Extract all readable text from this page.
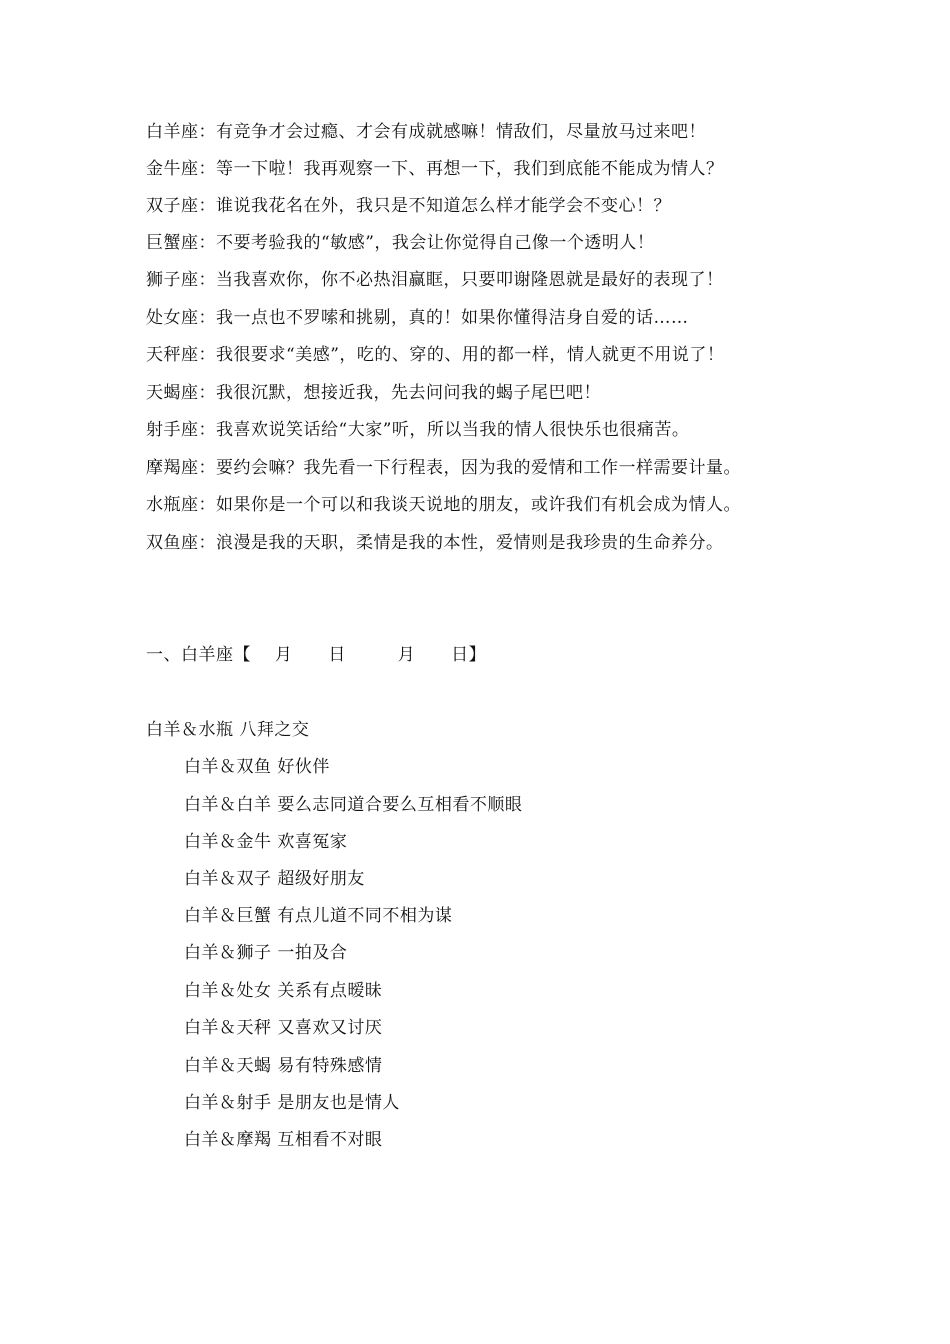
白羊座：有竞争才会过瘾、才会有成就感嘛！情敌们，尽量放马过来吧！
金牛座：等一下啦！我再观察一下、再想一下，我们到底能不能成为情人？
双子座：谁说我花名在外，我只是不知道怎么样才能学会不变心！？
巨蟹座：不要考验我的“敏感”，我会让你觉得自己像一个透明人！
狮子座：当我喜欢你，你不必热泪赢眶，只要叩谢隆恩就是最好的表现了！
处女座：我一点也不罗嗦和挑剔，真的！如果你懂得洁身自爱的话……
天秤座：我很要求“美感”，吃的、穿的、用的都一样，情人就更不用说了！
天蝎座：我很沉默，想接近我，先去问问我的蝎子尾巴吧！
射手座：我喜欢说笑话给“大家”听，所以当我的情人很快乐也很痛苦。
摩羯座：要约会嘛？我先看一下行程表，因为我的爱情和工作一样需要计量。
水瓶座：如果你是一个可以和我谈天说地的朋友，或许我们有机会成为情人。
双鱼座：浪漫是我的天职，柔情是我的本性，爱情则是我珍贵的生命养分。
一、白羊座【 月 日	月 日】
白羊＆水瓶 八拜之交
白羊＆双鱼 好伙伴
白羊＆白羊 要么志同道合要么互相看不顺眼
白羊＆金牛 欢喜冤家
白羊＆双子 超级好朋友
白羊＆巨蟹 有点儿道不同不相为谋
白羊＆狮子 一拍及合
白羊＆处女 关系有点暧昧
白羊＆天秤 又喜欢又讨厌
白羊＆天蝎 易有特殊感情
白羊＆射手 是朋友也是情人
白羊＆摩羯 互相看不对眼
